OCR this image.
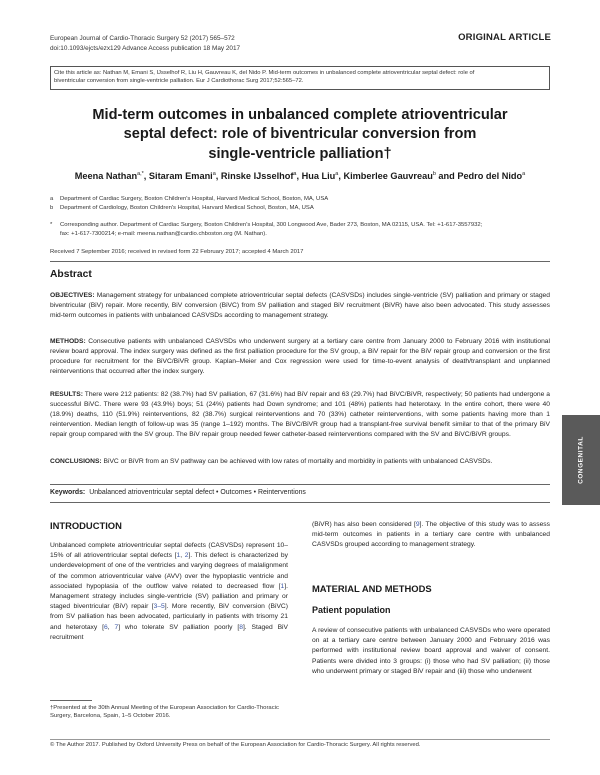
European Journal of Cardio-Thoracic Surgery 52 (2017) 565–572
doi:10.1093/ejcts/ezx129 Advance Access publication 18 May 2017
ORIGINAL ARTICLE
Cite this article as: Nathan M, Emani S, IJsselhof R, Liu H, Gauvreau K, del Nido P. Mid-term outcomes in unbalanced complete atrioventricular septal defect: role of
biventricular conversion from single-ventricle palliation. Eur J Cardiothorac Surg 2017;52:565–72.
Mid-term outcomes in unbalanced complete atrioventricular
septal defect: role of biventricular conversion from
single-ventricle palliation†
Meena Nathan$^{a,*}$, Sitaram Emani$^a$, Rinske IJsselhof$^a$, Hua Liu$^a$, Kimberlee Gauvreau$^b$ and Pedro del Nido$^a$
a Department of Cardiac Surgery, Boston Children's Hospital, Harvard Medical School, Boston, MA, USA
b Department of Cardiology, Boston Children's Hospital, Harvard Medical School, Boston, MA, USA
* Corresponding author. Department of Cardiac Surgery, Boston Children's Hospital, 300 Longwood Ave, Bader 273, Boston, MA 02115, USA. Tel: +1-617-3557932;
fax: +1-617-7300214; e-mail: meena.nathan@cardio.chboston.org (M. Nathan).
Received 7 September 2016; received in revised form 22 February 2017; accepted 4 March 2017
Abstract
OBJECTIVES: Management strategy for unbalanced complete atrioventricular septal defects (CASVSDs) includes single-ventricle (SV) palliation and primary or staged biventricular (BiV) repair. More recently, BiV conversion (BiVC) from SV palliation and staged BiV recruitment (BiVR) have also been advocated. This study assesses mid-term outcomes in patients with unbalanced CASVSDs according to management strategy.
METHODS: Consecutive patients with unbalanced CASVSDs who underwent surgery at a tertiary care centre from January 2000 to February 2016 with institutional review board approval. The index surgery was defined as the first palliation procedure for the SV group, a BiV repair for the BiV repair group and conversion or the first procedure for recruitment for the BiVC/BiVR group. Kaplan–Meier and Cox regression were used for time-to-event analysis of death/transplant and unplanned reinterventions that occurred after the index surgery.
RESULTS: There were 212 patients: 82 (38.7%) had SV palliation, 67 (31.6%) had BiV repair and 63 (29.7%) had BiVC/BiVR, respectively; 50 patients had undergone a successful BiVC. There were 93 (43.9%) boys; 51 (24%) patients had Down syndrome; and 101 (48%) patients had heterotaxy. In the entire cohort, there were 40 (18.9%) deaths, 110 (51.9%) reinterventions, 82 (38.7%) surgical reinterventions and 70 (33%) catheter reinterventions, with some patients having more than 1 reintervention. Median length of follow-up was 35 (range 1–192) months. The BiVC/BiVR group had a transplant-free survival benefit similar to that of the primary BiV repair group compared with the SV group. The BiV repair group needed fewer catheter-based reinterventions compared with the SV and BiVC/BiVR groups.
CONCLUSIONS: BiVC or BiVR from an SV pathway can be achieved with low rates of mortality and morbidity in patients with unbalanced CASVSDs.
Keywords: Unbalanced atrioventricular septal defect • Outcomes • Reinterventions
CONGENITAL
INTRODUCTION
Unbalanced complete atrioventricular septal defects (CASVSDs) represent 10–15% of all atrioventricular septal defects [1, 2]. This defect is characterized by underdevelopment of one of the ventricles and varying degrees of malalignment of the common atrioventricular valve (AVV) over the hypoplastic ventricle and associated hypoplasia of the outflow valve related to decreased flow [1]. Management strategy includes single-ventricle (SV) palliation and primary or staged biventricular (BiV) repair [3–5]. More recently, BiV conversion (BiVC) from SV palliation has been advocated, particularly in patients with trisomy 21 and heterotaxy [6, 7] who tolerate SV palliation poorly [8]. Staged BiV recruitment
(BiVR) has also been considered [9]. The objective of this study was to assess mid-term outcomes in patients in a tertiary care centre with unbalanced CASVSDs grouped according to management strategy.
MATERIAL AND METHODS
Patient population
A review of consecutive patients with unbalanced CASVSDs who were operated on at a tertiary care centre between January 2000 and February 2016 was performed with institutional review board approval and waiver of consent. Patients were divided into 3 groups: (i) those who had SV palliation; (ii) those who underwent primary or staged BiV repair and (iii) those who underwent
†Presented at the 30th Annual Meeting of the European Association for Cardio-Thoracic Surgery, Barcelona, Spain, 1–5 October 2016.
© The Author 2017. Published by Oxford University Press on behalf of the European Association for Cardio-Thoracic Surgery. All rights reserved.
